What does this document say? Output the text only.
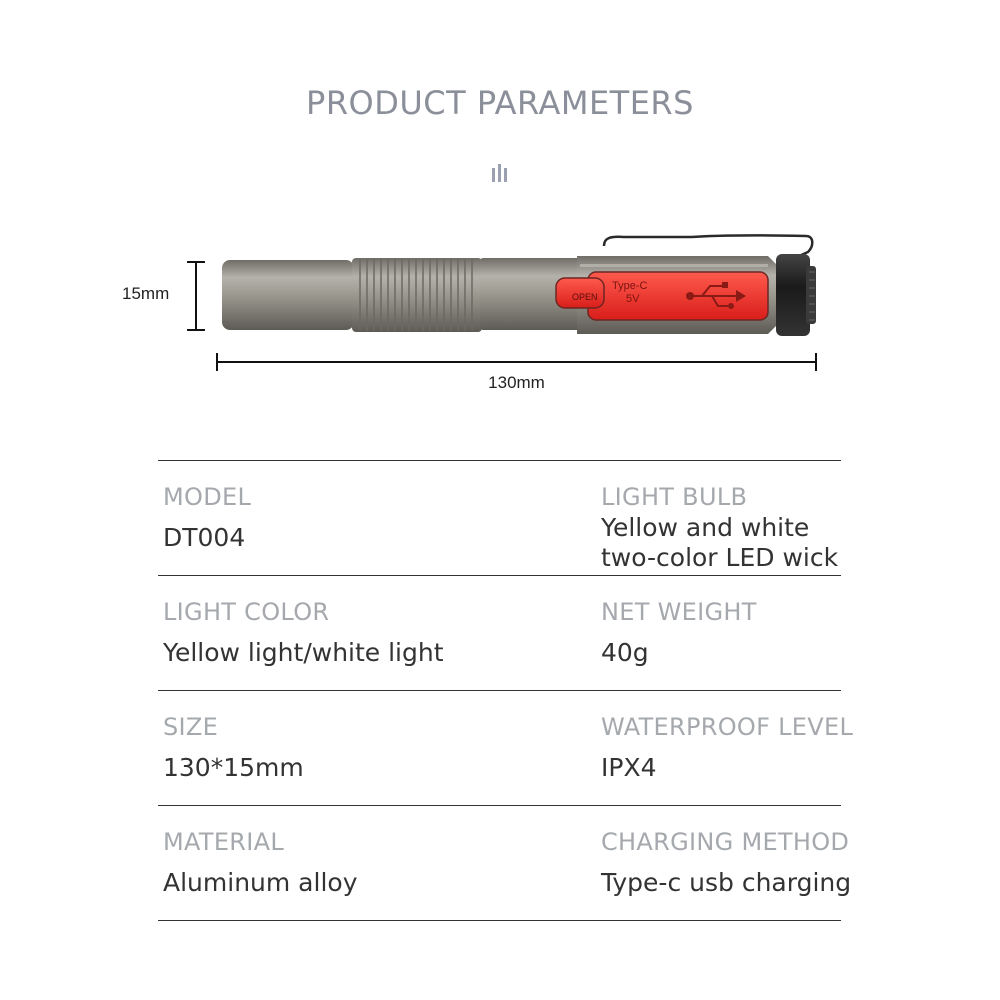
PRODUCT PARAMETERS
OPEN
Type-C
5V
15mm
130mm
MODEL
DT004
LIGHT BULB
Yellow and white
two-color LED wick
LIGHT COLOR
Yellow light/white light
NET WEIGHT
40g
SIZE
130*15mm
WATERPROOF LEVEL
IPX4
MATERIAL
Aluminum alloy
CHARGING METHOD
Type-c usb charging
